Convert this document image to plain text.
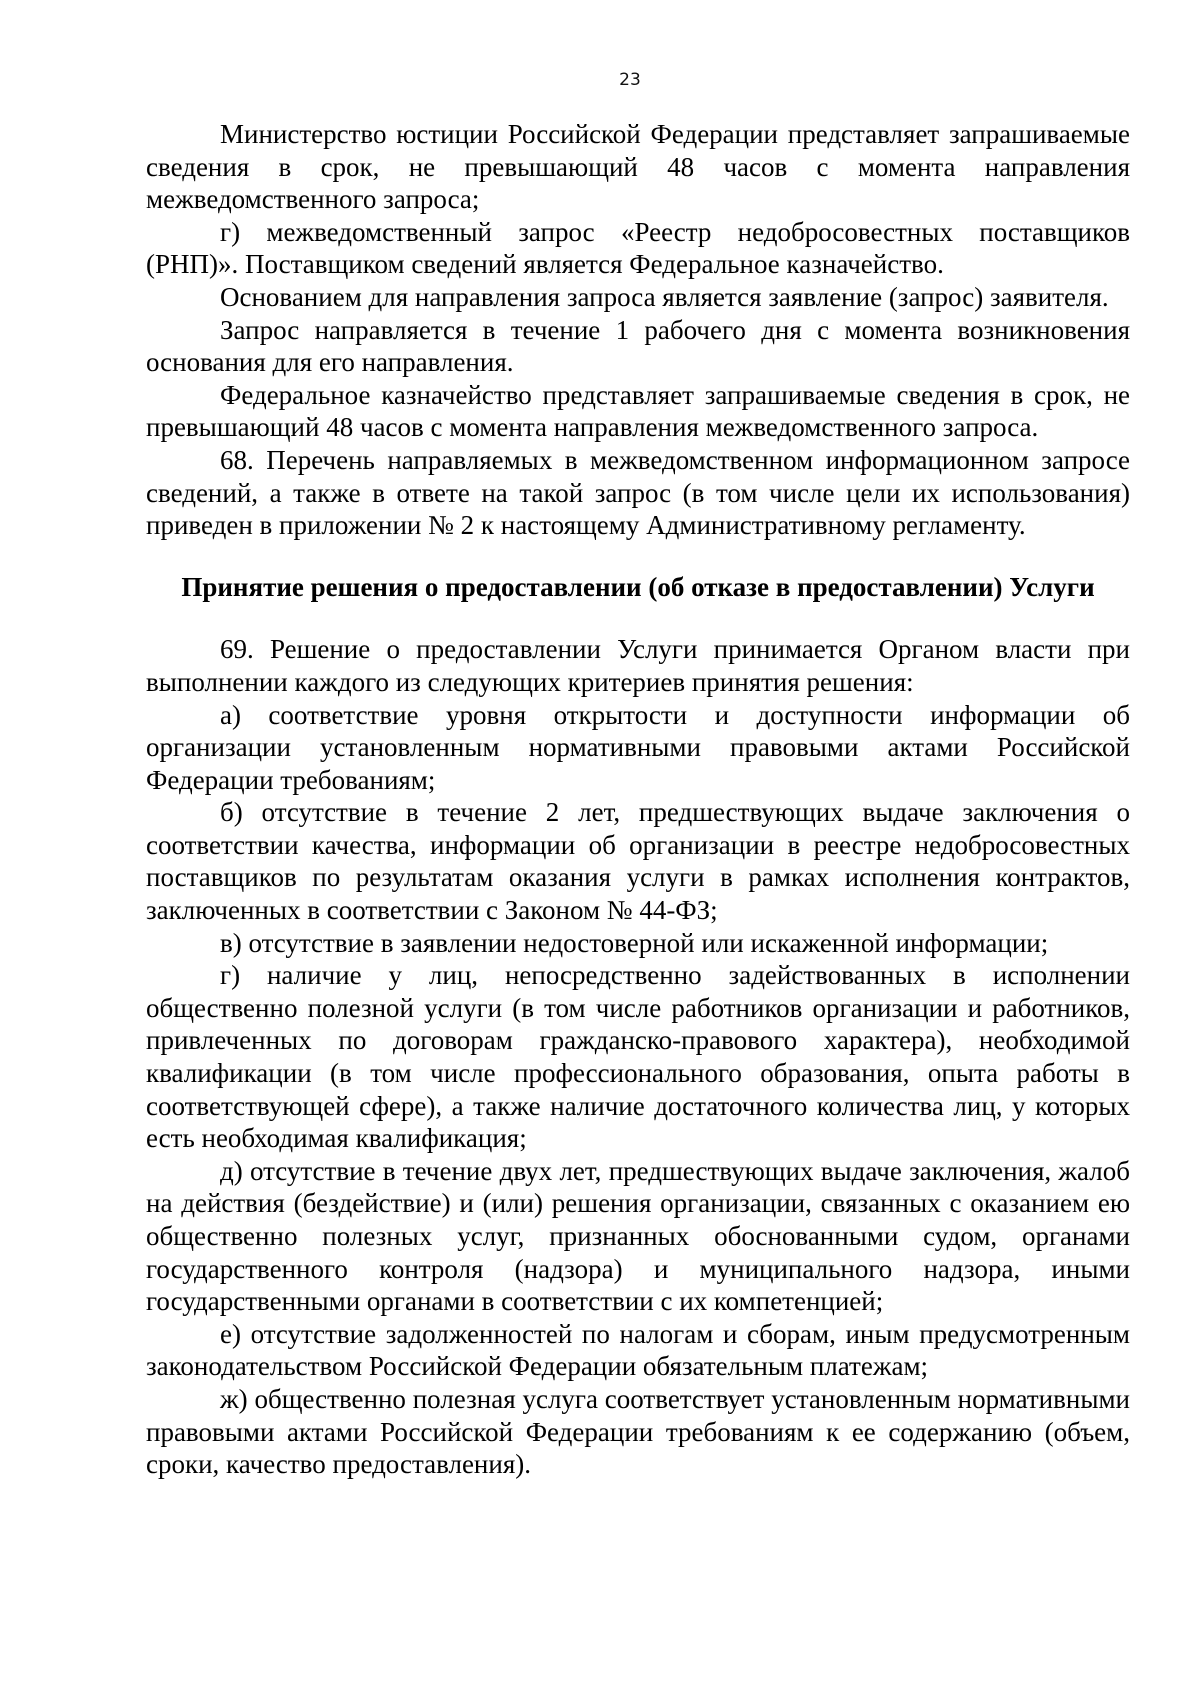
23

Министерство юстиции Российской Федерации представляет запрашиваемые сведения в срок, не превышающий 48 часов с момента направления межведомственного запроса;

г) межведомственный запрос «Реестр недобросовестных поставщиков (РНП)». Поставщиком сведений является Федеральное казначейство.

Основанием для направления запроса является заявление (запрос) заявителя.

Запрос направляется в течение 1 рабочего дня с момента возникновения основания для его направления.

Федеральное казначейство представляет запрашиваемые сведения в срок, не превышающий 48 часов с момента направления межведомственного запроса.

68. Перечень направляемых в межведомственном информационном запросе сведений, а также в ответе на такой запрос (в том числе цели их использования) приведен в приложении № 2 к настоящему Административному регламенту.

Принятие решения о предоставлении (об отказе в предоставлении) Услуги

69. Решение о предоставлении Услуги принимается Органом власти при выполнении каждого из следующих критериев принятия решения:

а) соответствие уровня открытости и доступности информации об организации установленным нормативными правовыми актами Российской Федерации требованиям;

б) отсутствие в течение 2 лет, предшествующих выдаче заключения о соответствии качества, информации об организации в реестре недобросовестных поставщиков по результатам оказания услуги в рамках исполнения контрактов, заключенных в соответствии с Законом № 44-ФЗ;

в) отсутствие в заявлении недостоверной или искаженной информации;

г) наличие у лиц, непосредственно задействованных в исполнении общественно полезной услуги (в том числе работников организации и работников, привлеченных по договорам гражданско-правового характера), необходимой квалификации (в том числе профессионального образования, опыта работы в соответствующей сфере), а также наличие достаточного количества лиц, у которых есть необходимая квалификация;

д) отсутствие в течение двух лет, предшествующих выдаче заключения, жалоб на действия (бездействие) и (или) решения организации, связанных с оказанием ею общественно полезных услуг, признанных обоснованными судом, органами государственного контроля (надзора) и муниципального надзора, иными государственными органами в соответствии с их компетенцией;

е) отсутствие задолженностей по налогам и сборам, иным предусмотренным законодательством Российской Федерации обязательным платежам;

ж) общественно полезная услуга соответствует установленным нормативными правовыми актами Российской Федерации требованиям к ее содержанию (объем, сроки, качество предоставления).
